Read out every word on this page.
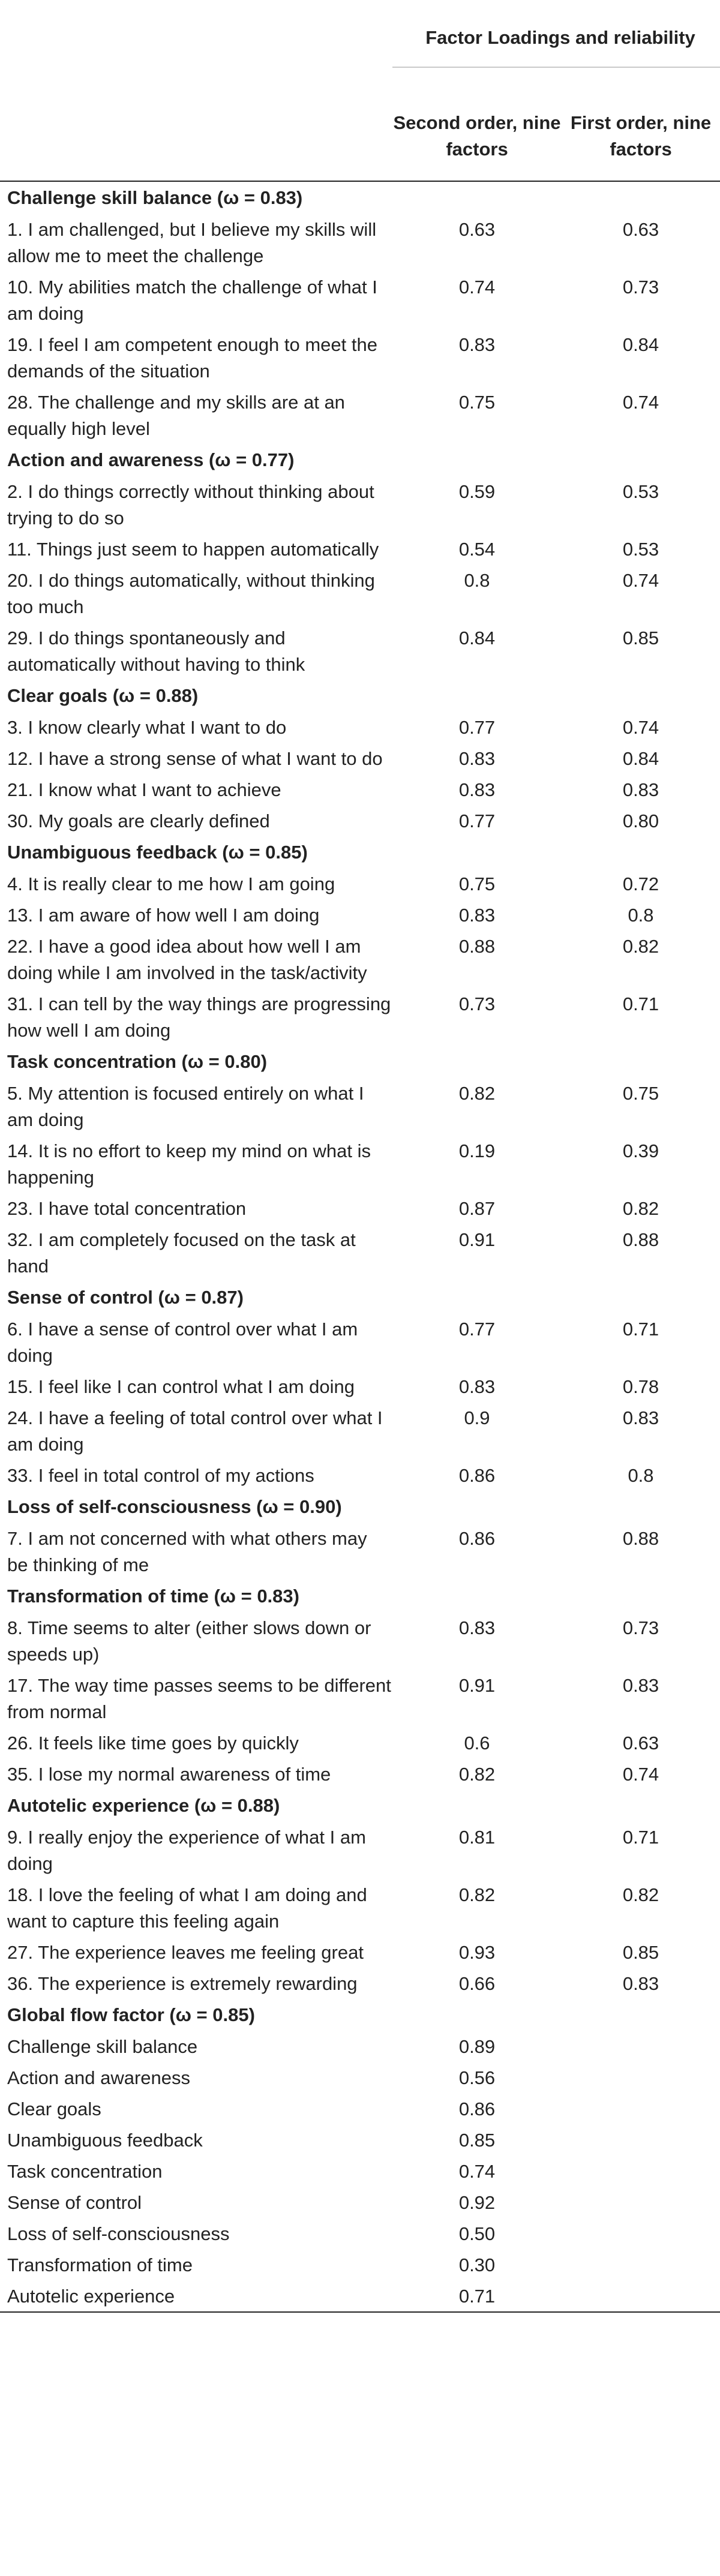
	Factor Loadings and reliability	

	Second order, nine factors	First order, nine factors
Challenge skill balance (ω = 0.83)		
1. I am challenged, but I believe my skills will allow me to meet the challenge	0.63	0.63
10. My abilities match the challenge of what I am doing	0.74	0.73
19. I feel I am competent enough to meet the demands of the situation	0.83	0.84
28. The challenge and my skills are at an equally high level	0.75	0.74
Action and awareness (ω = 0.77)		
2. I do things correctly without thinking about trying to do so	0.59	0.53
11. Things just seem to happen automatically	0.54	0.53
20. I do things automatically, without thinking too much	0.8	0.74
29. I do things spontaneously and automatically without having to think	0.84	0.85
Clear goals (ω = 0.88)		
3. I know clearly what I want to do	0.77	0.74
12. I have a strong sense of what I want to do	0.83	0.84
21. I know what I want to achieve	0.83	0.83
30. My goals are clearly defined	0.77	0.80
Unambiguous feedback (ω = 0.85)		
4. It is really clear to me how I am going	0.75	0.72
13. I am aware of how well I am doing	0.83	0.8
22. I have a good idea about how well I am doing while I am involved in the task/activity	0.88	0.82
31. I can tell by the way things are progressing how well I am doing	0.73	0.71
Task concentration (ω = 0.80)		
5. My attention is focused entirely on what I am doing	0.82	0.75
14. It is no effort to keep my mind on what is happening	0.19	0.39
23. I have total concentration	0.87	0.82
32. I am completely focused on the task at hand	0.91	0.88
Sense of control (ω = 0.87)		
6. I have a sense of control over what I am doing	0.77	0.71
15. I feel like I can control what I am doing	0.83	0.78
24. I have a feeling of total control over what I am doing	0.9	0.83
33. I feel in total control of my actions	0.86	0.8
Loss of self-consciousness (ω = 0.90)		
7. I am not concerned with what others may be thinking of me	0.86	0.88
Transformation of time (ω = 0.83)		
8. Time seems to alter (either slows down or speeds up)	0.83	0.73
17. The way time passes seems to be different from normal	0.91	0.83
26. It feels like time goes by quickly	0.6	0.63
35. I lose my normal awareness of time	0.82	0.74
Autotelic experience (ω = 0.88)		
9. I really enjoy the experience of what I am doing	0.81	0.71
18. I love the feeling of what I am doing and want to capture this feeling again	0.82	0.82
27. The experience leaves me feeling great	0.93	0.85
36. The experience is extremely rewarding	0.66	0.83
Global flow factor (ω = 0.85)		
Challenge skill balance	0.89	
Action and awareness	0.56	
Clear goals	0.86	
Unambiguous feedback	0.85	
Task concentration	0.74	
Sense of control	0.92	
Loss of self-consciousness	0.50	
Transformation of time	0.30	
Autotelic experience	0.71	
